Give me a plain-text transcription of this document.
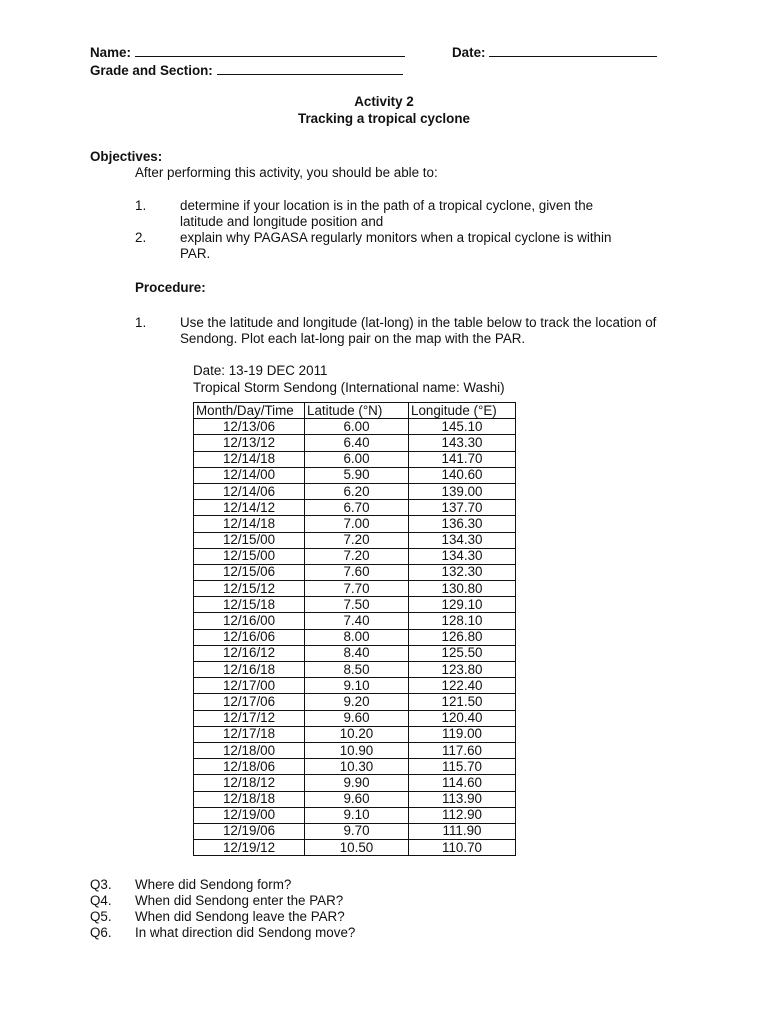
Name:	Date:
Grade and Section:
Activity 2
Tracking a tropical cyclone
Objectives:
After performing this activity, you should be able to:
1.	determine if your location is in the path of a tropical cyclone, given the
latitude and longitude position and
2.	explain why PAGASA regularly monitors when a tropical cyclone is within
PAR.
Procedure:
1.	Use the latitude and longitude (lat-long) in the table below to track the location of
Sendong. Plot each lat-long pair on the map with the PAR.
Date: 13-19 DEC 2011
Tropical Storm Sendong (International name: Washi)
Month/Day/Time	Latitude (°N)	Longitude (°E)
12/13/06	6.00	145.10
12/13/12	6.40	143.30
12/14/18	6.00	141.70
12/14/00	5.90	140.60
12/14/06	6.20	139.00
12/14/12	6.70	137.70
12/14/18	7.00	136.30
12/15/00	7.20	134.30
12/15/00	7.20	134.30
12/15/06	7.60	132.30
12/15/12	7.70	130.80
12/15/18	7.50	129.10
12/16/00	7.40	128.10
12/16/06	8.00	126.80
12/16/12	8.40	125.50
12/16/18	8.50	123.80
12/17/00	9.10	122.40
12/17/06	9.20	121.50
12/17/12	9.60	120.40
12/17/18	10.20	119.00
12/18/00	10.90	117.60
12/18/06	10.30	115.70
12/18/12	9.90	114.60
12/18/18	9.60	113.90
12/19/00	9.10	112.90
12/19/06	9.70	111.90
12/19/12	10.50	110.70
Q3. Where did Sendong form?
Q4. When did Sendong enter the PAR?
Q5. When did Sendong leave the PAR?
Q6. In what direction did Sendong move?
